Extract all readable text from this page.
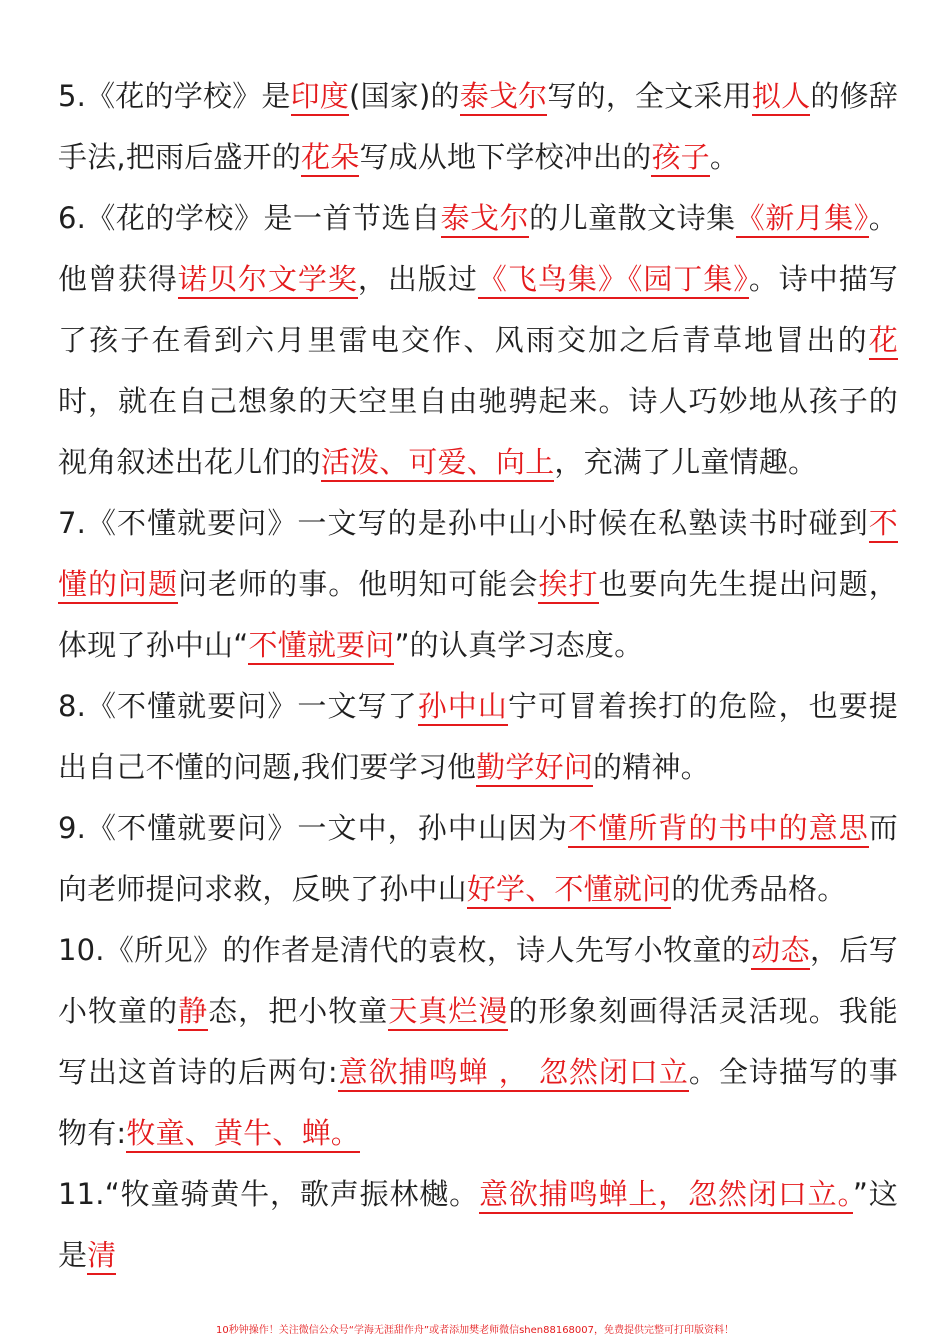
5.《花的学校》是印度(国家)的泰戈尔写的，全文采用拟人的修辞手法,把雨后盛开的花朵写成从地下学校冲出的孩子。

6.《花的学校》是一首节选自泰戈尔的儿童散文诗集《新月集》。他曾获得诺贝尔文学奖，出版过《飞鸟集》《园丁集》。诗中描写了孩子在看到六月里雷电交作、风雨交加之后青草地冒出的花时，就在自己想象的天空里自由驰骋起来。诗人巧妙地从孩子的视角叙述出花儿们的活泼、可爱、向上，充满了儿童情趣。

7.《不懂就要问》一文写的是孙中山小时候在私塾读书时碰到不懂的问题问老师的事。他明知可能会挨打也要向先生提出问题，体现了孙中山“不懂就要问”的认真学习态度。

8.《不懂就要问》一文写了孙中山宁可冒着挨打的危险，也要提出自己不懂的问题,我们要学习他勤学好问的精神。

9.《不懂就要问》一文中，孙中山因为不懂所背的书中的意思而向老师提问求救，反映了孙中山好学、不懂就问的优秀品格。

10.《所见》的作者是清代的袁枚，诗人先写小牧童的动态，后写小牧童的静态，把小牧童天真烂漫的形象刻画得活灵活现。我能写出这首诗的后两句:意欲捕鸣蝉 ， 忽然闭口立。全诗描写的事物有:牧童、黄牛、蝉。

11.“牧童骑黄牛，歌声振林樾。意欲捕鸣蝉上，忽然闭口立。”这是清

10秒钟操作！关注微信公众号“学海无涯甜作舟”或者添加樊老师微信shen88168007，免费提供完整可打印版资料！
